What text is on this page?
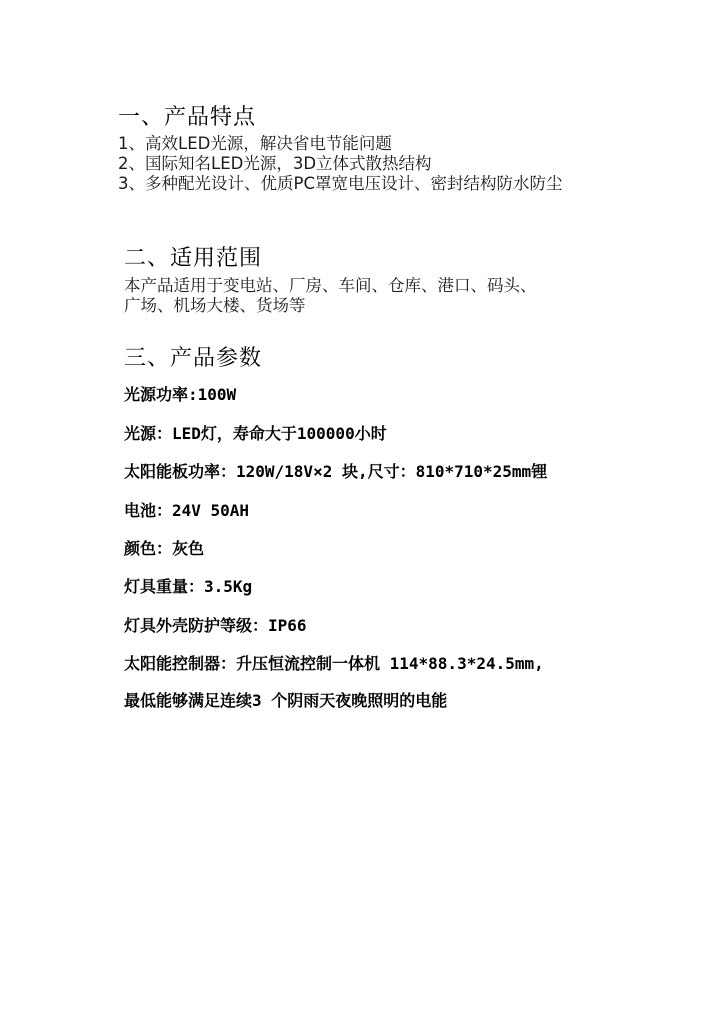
一、产品特点
1、高效LED光源，解决省电节能问题
2、国际知名LED光源，3D立体式散热结构
3、多种配光设计、优质PC罩宽电压设计、密封结构防水防尘
二、适用范围
本产品适用于变电站、厂房、车间、仓库、港口、码头、
广场、机场大楼、货场等
三、产品参数
光源功率:100W
光源：LED灯，寿命大于100000小时
太阳能板功率：120W/18V×2 块,尺寸：810*710*25mm锂
电池：24V 50AH
颜色：灰色
灯具重量：3.5Kg
灯具外壳防护等级：IP66
太阳能控制器：升压恒流控制一体机 114*88.3*24.5mm,
最低能够满足连续3 个阴雨天夜晚照明的电能
